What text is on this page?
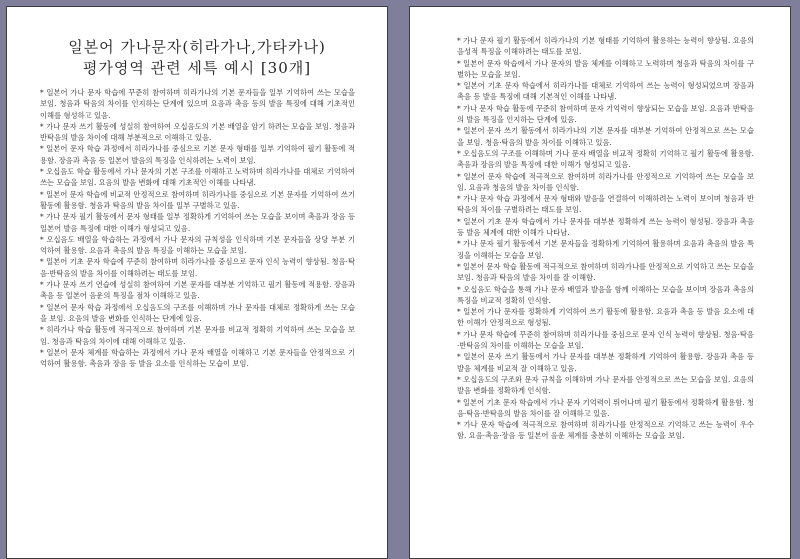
일본어 가나문자(히라가나,가타카나)
평가영역 관련 세특 예시 [30개]

* 일본어 가나 문자 학습에 꾸준히 참여하며 히라가나의 기본 문자들을 일부 기억하여 쓰는 모습을 보임. 청음과 탁음의 차이를 인지하는 단계에 있으며 요음과 촉음 등의 발음 특징에 대해 기초적인 이해를 형성하고 있음.

* 가나 문자 쓰기 활동에 성실히 참여하여 오십음도의 기본 배열을 암기 하려는 모습을 보임. 청음과 반탁음의 발음 차이에 대해 부분적으로 이해하고 있음.

* 일본어 문자 학습 과정에서 히라가나를 중심으로 기본 문자 형태를 일부 기억하여 필기 활동에 적용함. 장음과 촉음 등 일본어 발음의 특징을 인식하려는 노력이 보임.

* 오십음도 학습 활동에서 가나 문자의 기본 구조를 이해하고 노력하며 히라가나를 대체로 기억하여 쓰는 모습을 보임. 요음의 발음 변화에 대해 기초적인 이해를 나타냄.

* 일본어 문자 학습에 비교적 안정적으로 참여하며 히라가나를 중심으로 기본 문자를 기억하여 쓰기 활동에 활용함. 청음과 탁음의 발음 차이를 일부 구별하고 있음.

* 가나 문자 필기 활동에서 문자 형태를 일부 정확하게 기억하여 쓰는 모습을 보이며 촉음과 장음 등 일본어 발음 특징에 대한 이해가 형성되고 있음.

* 오십음도 배열을 학습하는 과정에서 가나 문자의 규칙성을 인식하며 기본 문자들을 상당 부분 기억하여 활용함. 요음과 촉음의 발음 특징을 이해하는 모습을 보임.

* 일본어 기초 문자 학습에 꾸준히 참여하며 히라가나를 중심으로 문자 인식 능력이 향상됨. 청음·탁음·반탁음의 발음 차이를 이해하려는 태도를 보임.

* 가나 문자 쓰기 연습에 성실히 참여하여 기본 문자를 대부분 기억하고 필기 활동에 적용함. 장음과 촉음 등 일본어 음운의 특징을 점차 이해하고 있음.

* 일본어 문자 학습 과정에서 오십음도의 구조를 이해하며 가나 문자를 대체로 정확하게 쓰는 모습을 보임. 요음의 발음 변화를 인식하는 단계에 있음.

* 히라가나 학습 활동에 적극적으로 참여하며 기본 문자를 비교적 정확히 기억하여 쓰는 모습을 보임. 청음과 탁음의 차이에 대해 이해하고 있음.

* 일본어 문자 체계를 학습하는 과정에서 가나 문자 배열을 이해하고 기본 문자들을 안정적으로 기억하여 활용함. 촉음과 장음 등 발음 요소를 인식하는 모습이 보임.

* 가나 문자 필기 활동에서 히라가나의 기본 형태를 기억하여 활용하는 능력이 향상됨. 요음의 음성적 특징을 이해하려는 태도를 보임.

* 일본어 문자 학습에서 가나 문자의 발음 체계를 이해하고 노력하며 청음과 탁음의 차이를 구별하는 모습을 보임.

* 일본어 기초 문자 학습에서 히라가나를 대체로 기억하여 쓰는 능력이 형성되었으며 장음과 촉음 등 발음 특징에 대해 기본적인 이해를 나타냄.

* 가나 문자 학습 활동에 꾸준히 참여하며 문자 기억력이 향상되는 모습을 보임. 요음과 반탁음의 발음 특징을 인지하는 단계에 있음.

* 일본어 문자 쓰기 활동에서 히라가나의 기본 문자를 대부분 기억하여 안정적으로 쓰는 모습을 보임. 청음·탁음의 발음 차이를 이해하고 있음.

* 오십음도의 구조를 이해하며 가나 문자 배열을 비교적 정확히 기억하고 필기 활동에 활용함. 촉음과 장음의 발음 특징에 대한 이해가 형성되고 있음.

* 일본어 문자 학습에 적극적으로 참여하며 히라가나를 안정적으로 기억하여 쓰는 모습을 보임. 요음과 청음의 발음 차이를 인식함.

* 가나 문자 학습 과정에서 문자 형태와 발음을 연결하여 이해하려는 노력이 보이며 청음과 반탁음의 차이를 구별하려는 태도를 보임.

* 일본어 기초 문자 학습에서 가나 문자를 대부분 정확하게 쓰는 능력이 형성됨. 장음과 촉음 등 발음 체계에 대한 이해가 나타남.

* 가나 문자 필기 활동에서 기본 문자들을 정확하게 기억하여 활용하며 요음과 촉음의 발음 특징을 이해하는 모습을 보임.

* 일본어 문자 학습 활동에 적극적으로 참여하며 히라가나를 안정적으로 기억하고 쓰는 모습을 보임. 청음과 탁음의 발음 차이를 잘 이해함.

* 오십음도 학습을 통해 가나 문자 배열과 발음을 함께 이해하는 모습을 보이며 장음과 촉음의 특징을 비교적 정확히 인식함.

* 일본어 가나 문자를 정확하게 기억하여 쓰기 활동에 활용함. 요음과 촉음 등 발음 요소에 대한 이해가 안정적으로 형성됨.

* 가나 문자 학습에 꾸준히 참여하며 히라가나를 중심으로 문자 인식 능력이 향상됨. 청음·탁음·반탁음의 차이를 이해하는 모습을 보임.

* 일본어 문자 쓰기 활동에서 가나 문자를 대부분 정확하게 기억하여 활용함. 장음과 촉음 등 발음 체계를 비교적 잘 이해하고 있음.

* 오십음도의 구조와 문자 규칙을 이해하며 가나 문자를 안정적으로 쓰는 모습을 보임. 요음의 발음 변화를 정확하게 인식함.

* 일본어 기초 문자 학습에서 가나 문자 기억력이 뛰어나며 필기 활동에서 정확하게 활용함. 청음·탁음·반탁음의 발음 차이를 잘 이해하고 있음.

* 가나 문자 학습에 적극적으로 참여하며 히라가나를 안정적으로 기억하고 쓰는 능력이 우수함. 요음·촉음·장음 등 일본어 음운 체계를 충분히 이해하는 모습을 보임.
